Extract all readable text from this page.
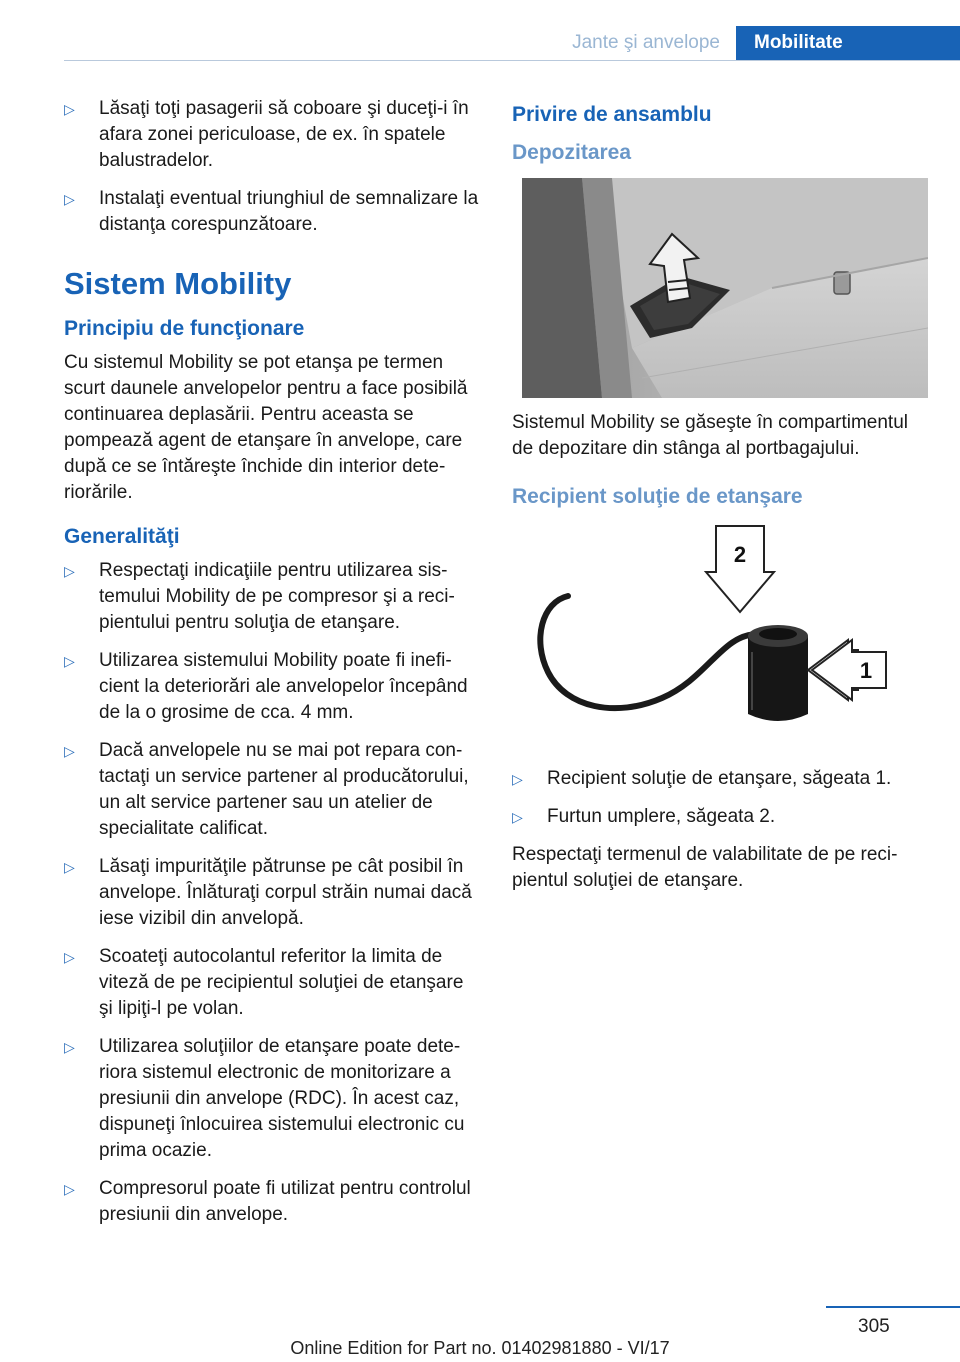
Jante şi anvelope	Mobilitate
▷ Lăsaţi toţi pasagerii să coboare şi duceţi-i în afara zonei periculoase, de ex. în spatele balustradelor.
▷ Instalaţi eventual triunghiul de semnalizare la distanţa corespunzătoare.
Sistem Mobility
Principiu de funcţionare

Cu sistemul Mobility se pot etanşa pe termen scurt daunele anvelopelor pentru a face posibilă continuarea deplasării. Pentru aceasta se pompează agent de etanşare în anvelope, care după ce se întăreşte închide din interior deteriorările.

Generalităţi
▷ Respectaţi indicaţiile pentru utilizarea sistemului Mobility de pe compresor şi a recipientului pentru soluţia de etanşare.
▷ Utilizarea sistemului Mobility poate fi ineficient la deteriorări ale anvelopelor începând de la o grosime de cca. 4 mm.
▷ Dacă anvelopele nu se mai pot repara contactaţi un service partener al producătorului, un alt service partener sau un atelier de specialitate calificat.
▷ Lăsaţi impurităţile pătrunse pe cât posibil în anvelope. Înlăturaţi corpul străin numai dacă iese vizibil din anvelopă.
▷ Scoateţi autocolantul referitor la limita de viteză de pe recipientul soluţiei de etanşare şi lipiţi-l pe volan.
▷ Utilizarea soluţiilor de etanşare poate deteriora sistemul electronic de monitorizare a presiunii din anvelope (RDC). În acest caz, dispuneţi înlocuirea sistemului electronic cu prima ocazie.
▷ Compresorul poate fi utilizat pentru controlul presiunii din anvelope.
Privire de ansamblu
Depozitarea

Sistemul Mobility se găseşte în compartimentul de depozitare din stânga al portbagajului.

Recipient soluţie de etanşare
2
1
▷ Recipient soluţie de etanşare, săgeata 1.
▷ Furtun umplere, săgeata 2.

Respectaţi termenul de valabilitate de pe recipientul soluţiei de etanşare.

305
Online Edition for Part no. 01402981880 - VI/17
